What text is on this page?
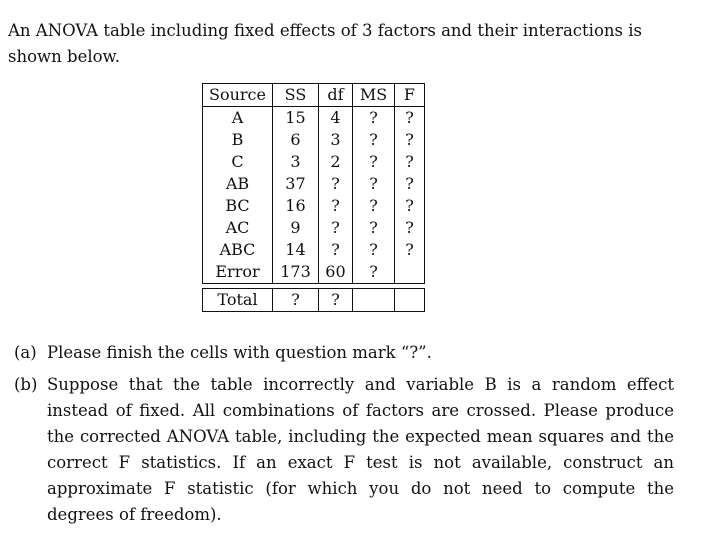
An ANOVA table including fixed effects of 3 factors and their interactions is shown below.

Source	SS	df	MS	F
A	15	4	?	?
B	6	3	?	?
C	3	2	?	?
AB	37	?	?	?
BC	16	?	?	?
AC	9	?	?	?
ABC	14	?	?	?
Error	173	60	?	

Total	?	?		
(a) Please finish the cells with question mark “?”.
(b) Suppose that the table incorrectly and variable B is a random effect instead of fixed. All combinations of factors are crossed. Please produce the corrected ANOVA table, including the expected mean squares and the correct F statistics. If an exact F test is not available, construct an approximate F statistic (for which you do not need to compute the degrees of freedom).
